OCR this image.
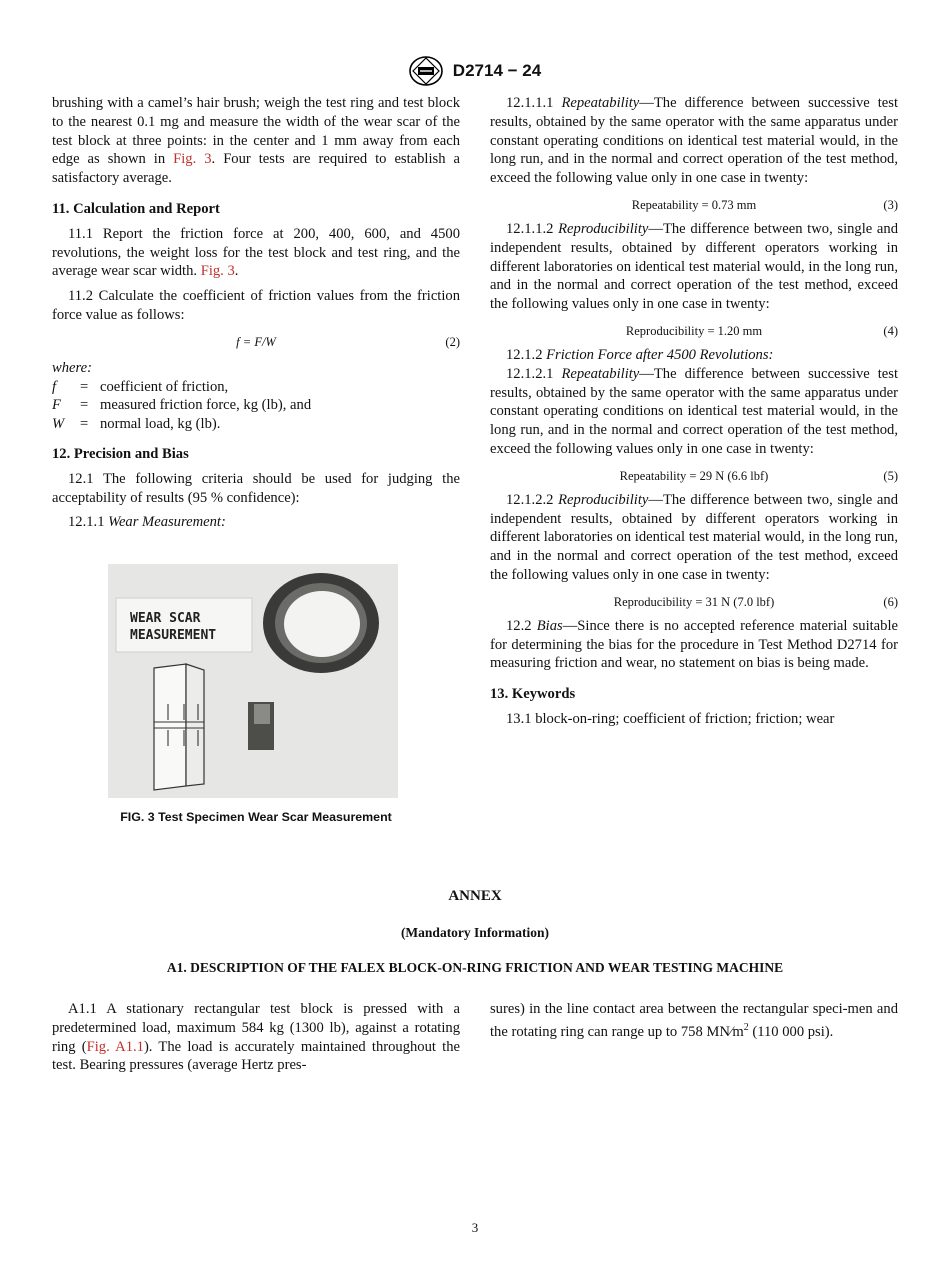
D2714 − 24

brushing with a camel’s hair brush; weigh the test ring and test block to the nearest 0.1 mg and measure the width of the wear scar of the test block at three points: in the center and 1 mm away from each edge as shown in Fig. 3. Four tests are required to establish a satisfactory average.

11. Calculation and Report

11.1 Report the friction force at 200, 400, 600, and 4500 revolutions, the weight loss for the test block and test ring, and the average wear scar width. Fig. 3.

11.2 Calculate the coefficient of friction values from the friction force value as follows:

f = F/W	(2)
where:
f	= coefficient of friction,
F	= measured friction force, kg (lb), and
W	= normal load, kg (lb).
12. Precision and Bias

12.1 The following criteria should be used for judging the acceptability of results (95 % confidence):

12.1.1 Wear Measurement:

WEAR SCAR
MEASUREMENT
FIG. 3 Test Specimen Wear Scar Measurement

12.1.1.1 Repeatability—The difference between successive test results, obtained by the same operator with the same apparatus under constant operating conditions on identical test material would, in the long run, and in the normal and correct operation of the test method, exceed the following value only in one case in twenty:

Repeatability = 0.73 mm	(3)

12.1.1.2 Reproducibility—The difference between two, single and independent results, obtained by different operators working in different laboratories on identical test material would, in the long run, and in the normal and correct operation of the test method, exceed the following values only in one case in twenty:

Reproducibility = 1.20 mm	(4)

12.1.2 Friction Force after 4500 Revolutions:

12.1.2.1 Repeatability—The difference between successive test results, obtained by the same operator with the same apparatus under constant operating conditions on identical test material would, in the long run, and in the normal and correct operation of the test method, exceed the following values only in one case in twenty:

Repeatability = 29 N (6.6 lbf)	(5)

12.1.2.2 Reproducibility—The difference between two, single and independent results, obtained by different operators working in different laboratories on identical test material would, in the long run, and in the normal and correct operation of the test method, exceed the following values only in one case in twenty:

Reproducibility = 31 N (7.0 lbf)	(6)

12.2 Bias—Since there is no accepted reference material suitable for determining the bias for the procedure in Test Method D2714 for measuring friction and wear, no statement on bias is being made.

13. Keywords

13.1 block-on-ring; coefficient of friction; friction; wear

ANNEX
(Mandatory Information)
A1. DESCRIPTION OF THE FALEX BLOCK-ON-RING FRICTION AND WEAR TESTING MACHINE

A1.1 A stationary rectangular test block is pressed with a predetermined load, maximum 584 kg (1300 lb), against a rotating ring (Fig. A1.1). The load is accurately maintained throughout the test. Bearing pressures (average Hertz pres-

sures) in the line contact area between the rectangular speci-men and the rotating ring can range up to 758 $MN⁄m^2$ (110 000 psi).

3
